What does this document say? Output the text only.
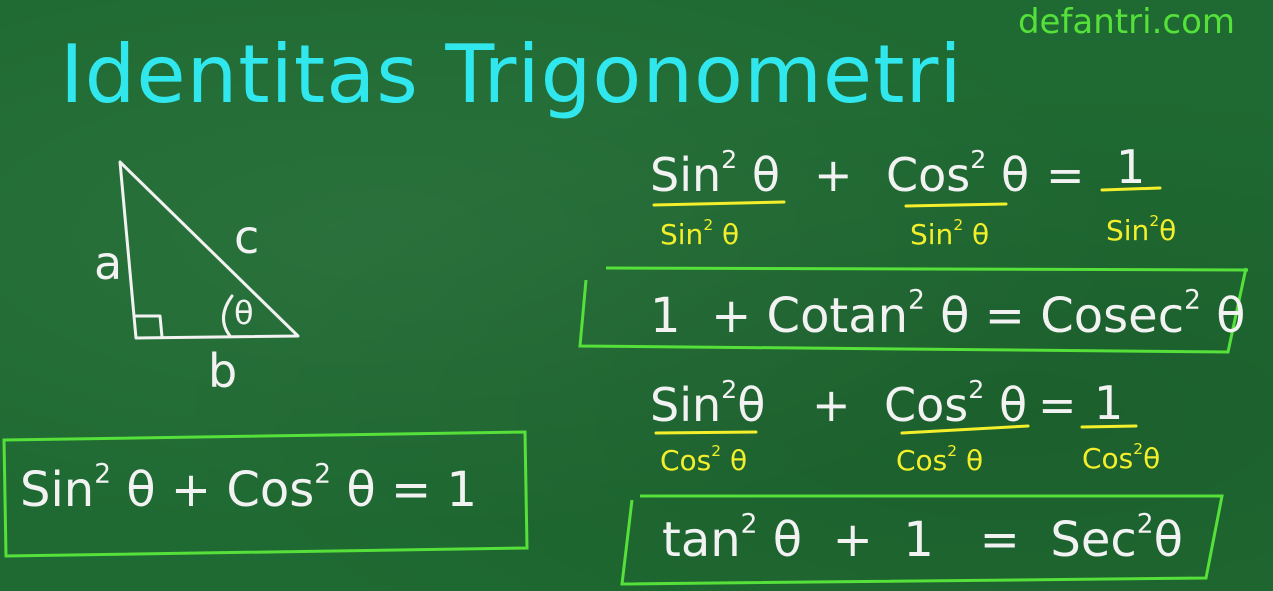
Identitas Trigonometri
defantri.com
a c
b
θ
Sin$^2$ θ + Cos$^2$ θ = 1
Sin$^2$ θ + Cos$^2$ θ = 1
Sin$^2$ θ	Sin$^2$ θ	Sin$^2$θ
1 + Cotan$^2$ θ = Cosec$^2$ θ
Sin$^2$θ + Cos$^2$ θ = 1
Cos$^2$ θ	Cos$^2$ θ	Cos$^2$θ
$\tan^2 \theta + 1 = Sec^2\theta$
